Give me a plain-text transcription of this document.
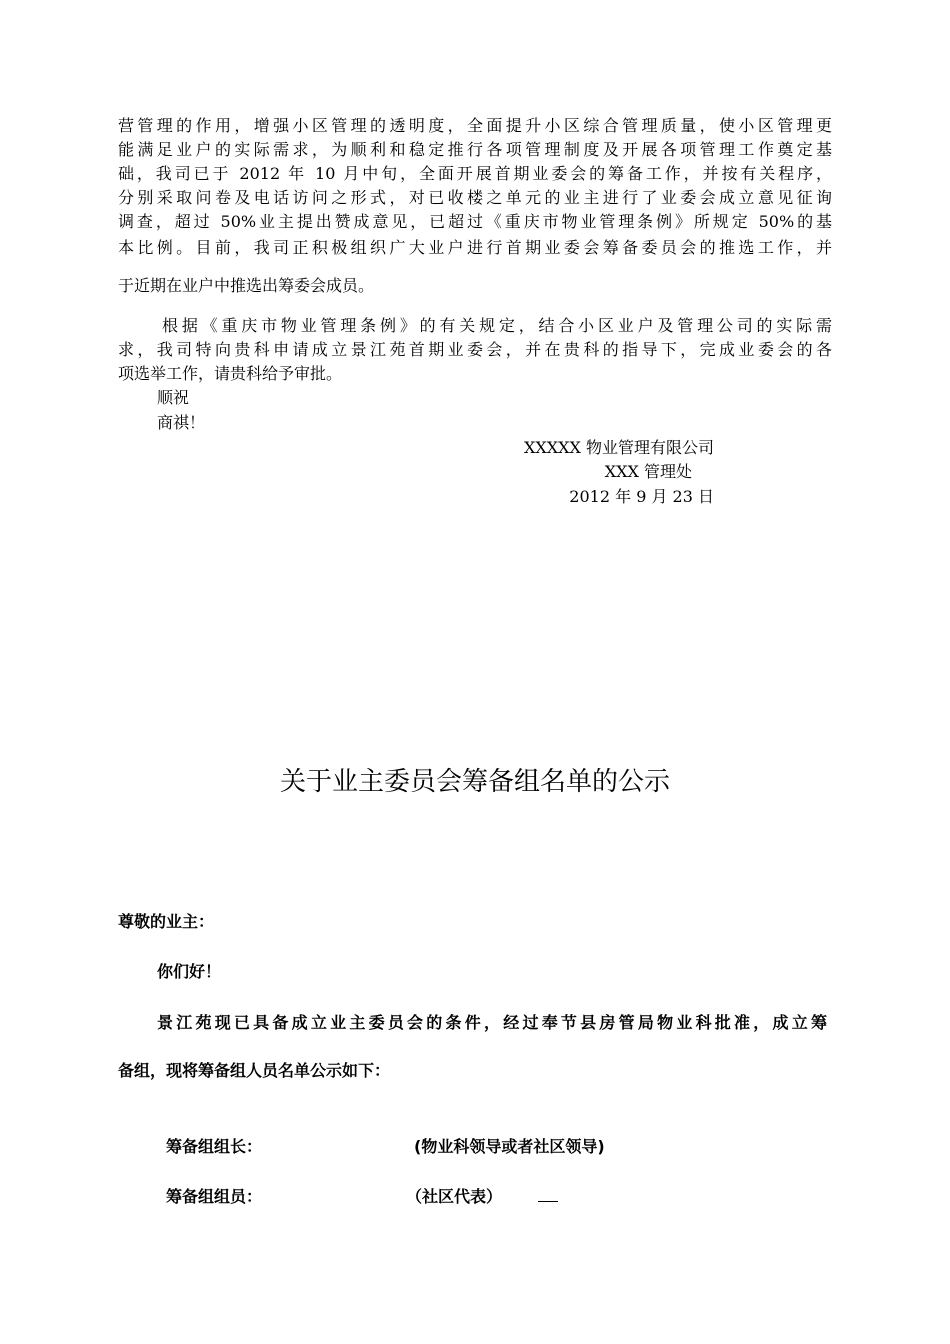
营管理的作用，增强小区管理的透明度，全面提升小区综合管理质量，使小区管理更
能满足业户的实际需求，为顺利和稳定推行各项管理制度及开展各项管理工作奠定基
础，我司已于 2012 年 10 月中旬，全面开展首期业委会的筹备工作，并按有关程序，
分别采取问卷及电话访问之形式，对已收楼之单元的业主进行了业委会成立意见征询
调查，超过 50%业主提出赞成意见，已超过《重庆市物业管理条例》所规定 50%的基
本比例。目前，我司正积极组织广大业户进行首期业委会筹备委员会的推选工作，并
于近期在业户中推选出筹委会成员。
根据《重庆市物业管理条例》的有关规定，结合小区业户及管理公司的实际需
求，我司特向贵科申请成立景江苑首期业委会，并在贵科的指导下，完成业委会的各
项选举工作，请贵科给予审批。
顺祝
商祺！
XXXXX 物业管理有限公司
XXX 管理处
2012 年 9 月 23 日
关于业主委员会筹备组名单的公示
尊敬的业主：
你们好！
景江苑现已具备成立业主委员会的条件，经过奉节县房管局物业科批准，成立筹
备组，现将筹备组人员名单公示如下：
筹备组组长：	(物业科领导或者社区领导)
筹备组组员：	（社区代表）
